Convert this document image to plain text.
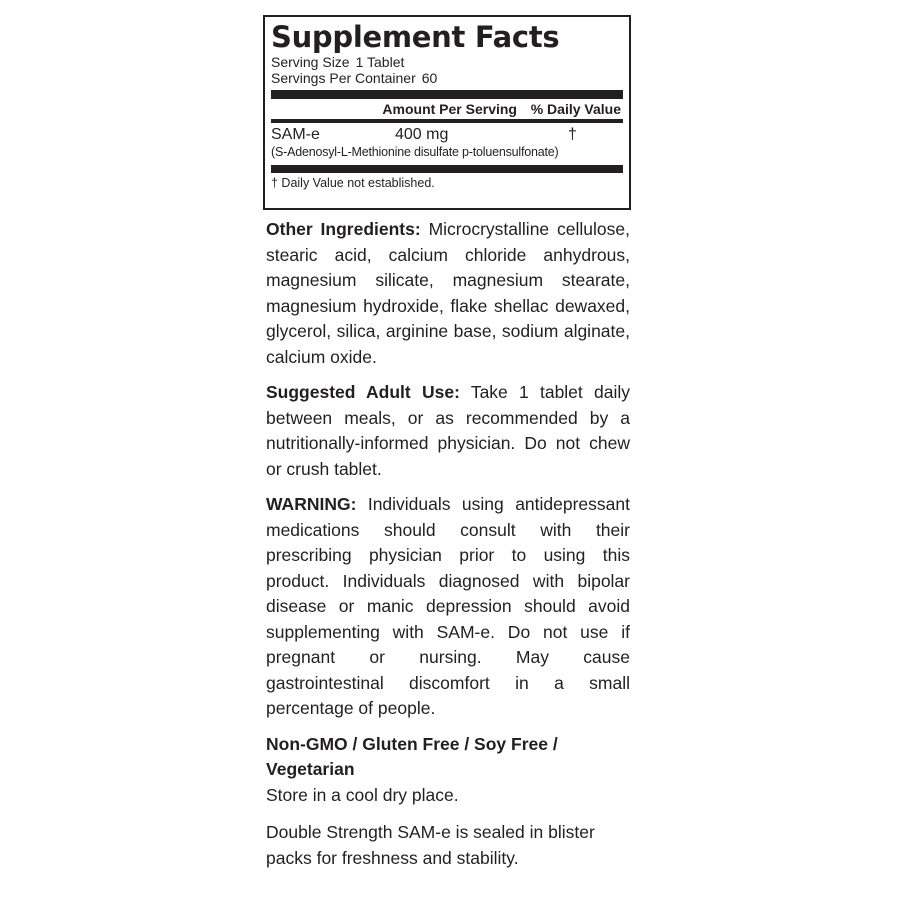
Supplement Facts
Serving Size 1 Tablet
Servings Per Container 60
Amount Per Serving % Daily Value
SAM-e	400 mg	†
(S-Adenosyl-L-Methionine disulfate p-toluensulfonate)
† Daily Value not established.

Other Ingredients: Microcrystalline cellulose, stearic acid, calcium chloride anhydrous, magnesium silicate, magnesium stearate, magnesium hydroxide, flake shellac dewaxed, glycerol, silica, arginine base, sodium alginate, calcium oxide.

Suggested Adult Use: Take 1 tablet daily between meals, or as recommended by a nutritionally-informed physician. Do not chew or crush tablet.

WARNING: Individuals using antidepressant medications should consult with their prescribing physician prior to using this product. Individuals diagnosed with bipolar disease or manic depression should avoid supplementing with SAM-e. Do not use if pregnant or nursing. May cause gastrointestinal discomfort in a small percentage of people.

Non-GMO / Gluten Free / Soy Free / Vegetarian

Store in a cool dry place.

Double Strength SAM-e is sealed in blister packs for freshness and stability.
